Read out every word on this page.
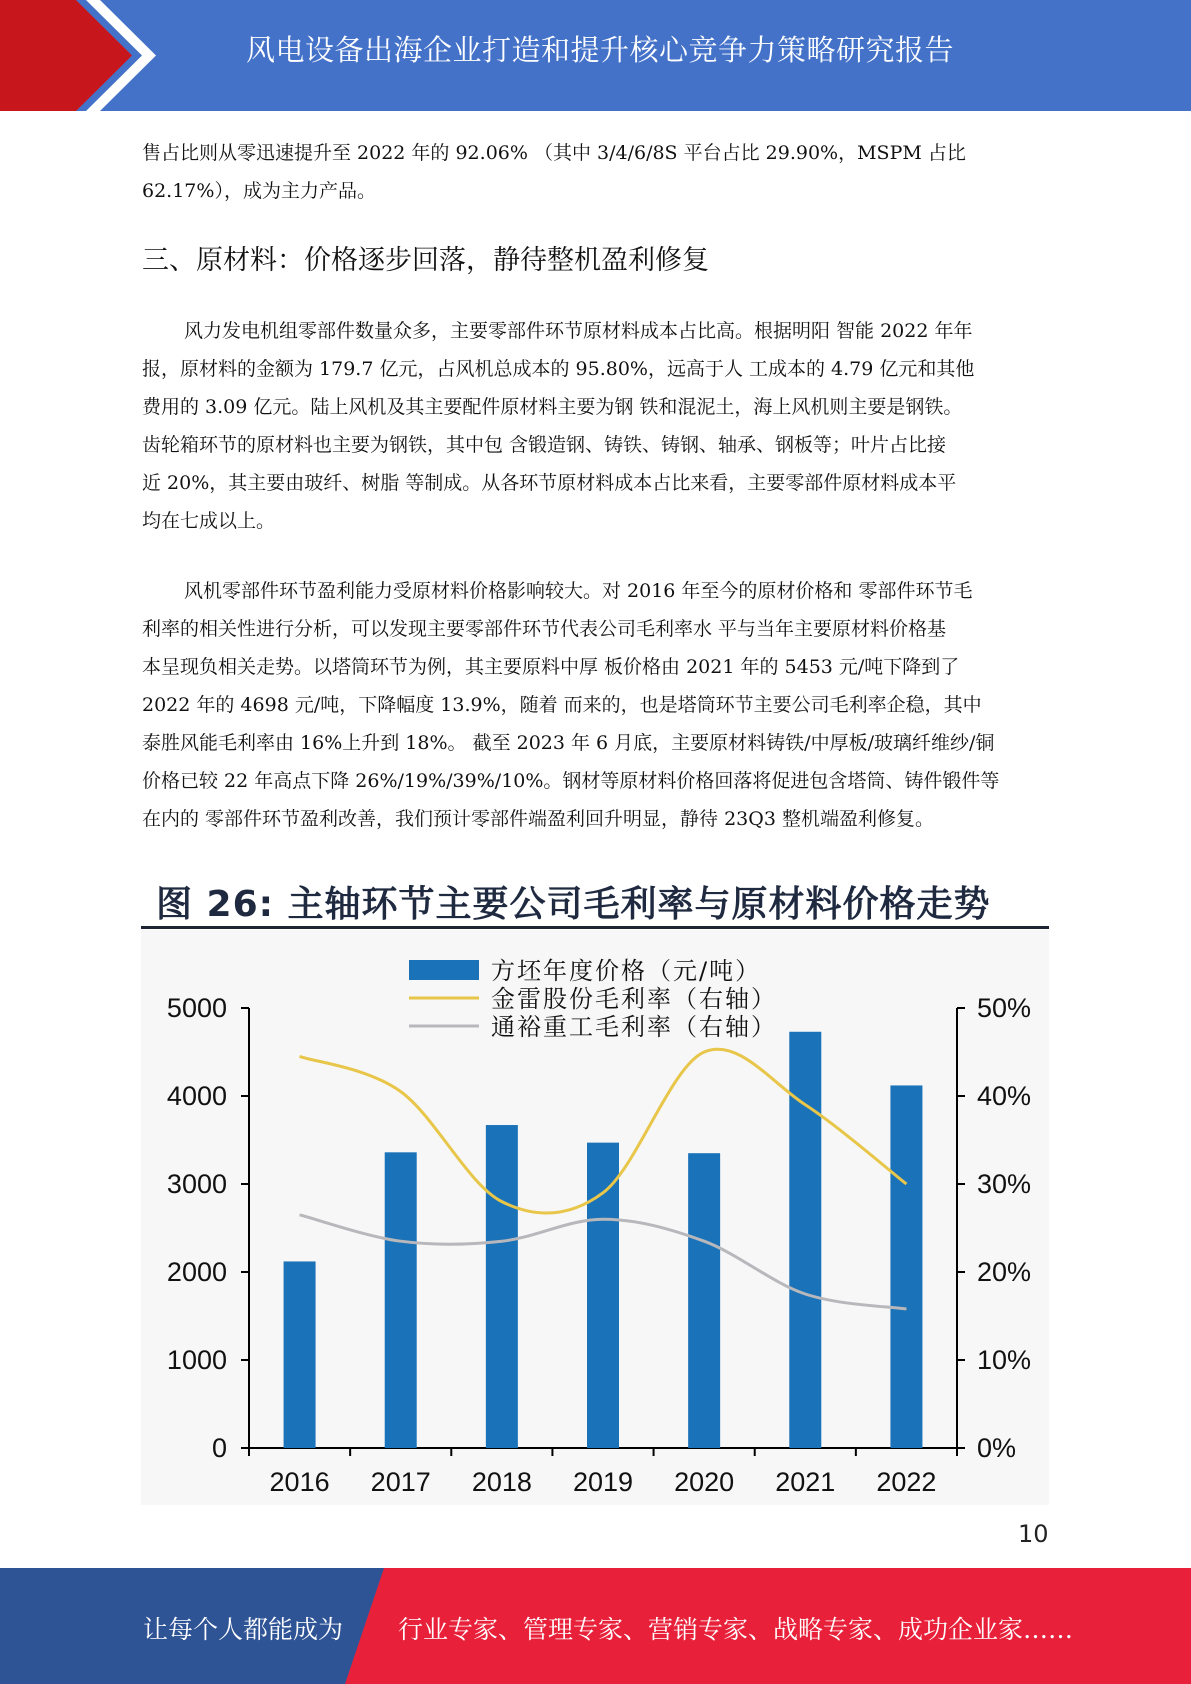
风电设备出海企业打造和提升核心竞争力策略研究报告
售占比则从零迅速提升至 2022 年的 92.06% （其中 3/4/6/8S 平台占比 29.90%，MSPM 占比
62.17%），成为主力产品。
三、原材料：价格逐步回落，静待整机盈利修复
风力发电机组零部件数量众多，主要零部件环节原材料成本占比高。根据明阳 智能 2022 年年
报，原材料的金额为 179.7 亿元，占风机总成本的 95.80%，远高于人 工成本的 4.79 亿元和其他
费用的 3.09 亿元。陆上风机及其主要配件原材料主要为钢 铁和混泥土，海上风机则主要是钢铁。
齿轮箱环节的原材料也主要为钢铁，其中包 含锻造钢、铸铁、铸钢、轴承、钢板等；叶片占比接
近 20%，其主要由玻纤、树脂 等制成。从各环节原材料成本占比来看，主要零部件原材料成本平
均在七成以上。
风机零部件环节盈利能力受原材料价格影响较大。对 2016 年至今的原材价格和 零部件环节毛
利率的相关性进行分析，可以发现主要零部件环节代表公司毛利率水 平与当年主要原材料价格基
本呈现负相关走势。以塔筒环节为例，其主要原料中厚 板价格由 2021 年的 5453 元/吨下降到了
2022 年的 4698 元/吨，下降幅度 13.9%，随着 而来的，也是塔筒环节主要公司毛利率企稳，其中
泰胜风能毛利率由 16%上升到 18%。 截至 2023 年 6 月底，主要原材料铸铁/中厚板/玻璃纤维纱/铜
价格已较 22 年高点下降 26%/19%/39%/10%。钢材等原材料价格回落将促进包含塔筒、铸件锻件等
在内的 零部件环节盈利改善，我们预计零部件端盈利回升明显，静待 23Q3 整机端盈利修复。
图 26: 主轴环节主要公司毛利率与原材料价格走势
0
1000
2000
3000
4000
5000
0%
10%
20%
30%
40%
50%
2016 2017 2018 2019 2020 2021 2022
方坯年度价格（元/吨）
金雷股份毛利率（右轴）
通裕重工毛利率（右轴）
10
让每个人都能成为 行业专家、管理专家、营销专家、战略专家、成功企业家……
